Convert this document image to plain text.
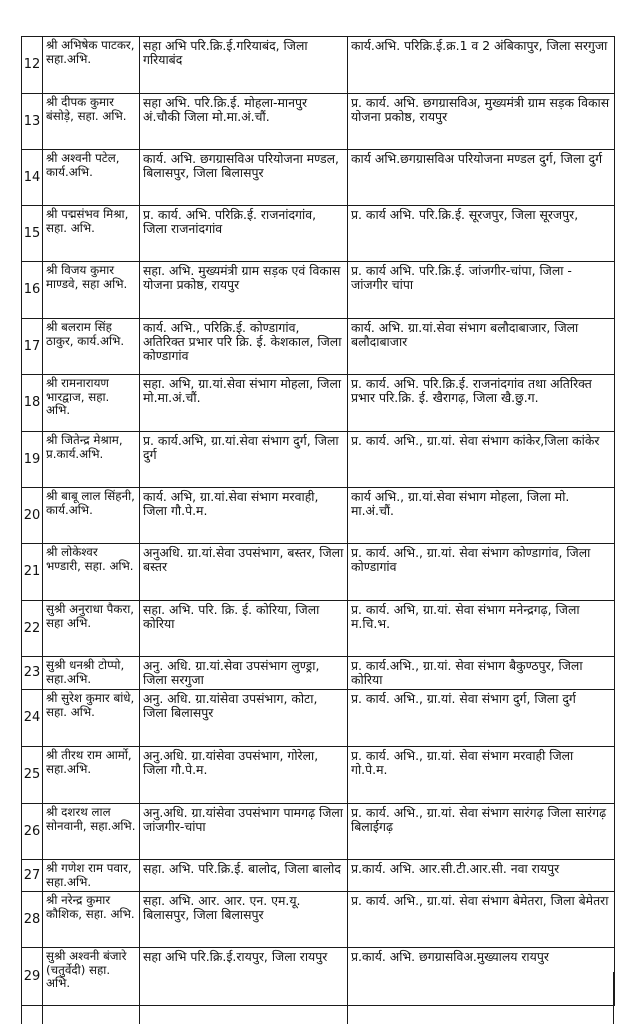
12	श्री अभिषेक पाटकर, सहा.अभि.	सहा अभि परि.क्रि.ई.गरियाबंद, जिला गरियाबंद	कार्य.अभि. परिक्रि.ई.क्र.1 व 2 अंबिकापुर, जिला सरगुजा
13	श्री दीपक कुमार बंसोड़े, सहा. अभि.	सहा अभि. परि.क्रि.ई. मोहला-मानपुर अं.चौकी जिला मो.मा.अं.चौं.	प्र. कार्य. अभि. छगग्रासविअ, मुख्यमंत्री ग्राम सड़क विकास योजना प्रकोष्ठ, रायपुर
14	श्री अश्वनी पटेल, कार्य.अभि.	कार्य. अभि. छगग्रासविअ परियोजना मण्डल, बिलासपुर, जिला बिलासपुर	कार्य अभि.छगग्रासविअ परियोजना मण्डल दुर्ग, जिला दुर्ग
15	श्री पद्मसंभव मिश्रा, सहा. अभि.	प्र. कार्य. अभि. परिक्रि.ई. राजनांदगांव, जिला राजनांदगांव	प्र. कार्य अभि. परि.क्रि.ई. सूरजपुर, जिला सूरजपुर,
16	श्री विजय कुमार माण्डवे, सहा अभि.	सहा. अभि. मुख्यमंत्री ग्राम सड़क एवं विकास योजना प्रकोष्ठ, रायपुर	प्र. कार्य अभि. परि.क्रि.ई. जांजगीर-चांपा, जिला - जांजगीर चांपा
17	श्री बलराम सिंह ठाकुर, कार्य.अभि.	कार्य. अभि., परिक्रि.ई. कोण्डागांव, अतिरिक्त प्रभार परि क्रि. ई. केशकाल, जिला कोण्डागांव	कार्य. अभि. ग्रा.यां.सेवा संभाग बलौदाबाजार, जिला बलौदाबाजार
18	श्री रामनारायण भारद्वाज, सहा. अभि.	सहा. अभि, ग्रा.यां.सेवा संभाग मोहला, जिला मो.मा.अं.चौं.	प्र. कार्य. अभि. परि.क्रि.ई. राजनांदगांव तथा अतिरिक्त प्रभार परि.क्रि. ई. खैरागढ़, जिला खै.छु.ग.
19	श्री जितेन्द्र मेश्राम, प्र.कार्य.अभि.	प्र. कार्य.अभि, ग्रा.यां.सेवा संभाग दुर्ग, जिला दुर्ग	प्र. कार्य. अभि., ग्रा.यां. सेवा संभाग कांकेर,जिला कांकेर
20	श्री बाबू लाल सिंहनी, कार्य.अभि.	कार्य. अभि, ग्रा.यां.सेवा संभाग मरवाही, जिला गौ.पे.म.	कार्य अभि., ग्रा.यां.सेवा संभाग मोहला, जिला मो. मा.अं.चौं.
21	श्री लोकेश्वर भण्डारी, सहा. अभि.	अनुअधि. ग्रा.यां.सेवा उपसंभाग, बस्तर, जिला बस्तर	प्र. कार्य. अभि., ग्रा.यां. सेवा संभाग कोण्डागांव, जिला कोण्डागांव
22	सुश्री अनुराधा पैकरा, सहा अभि.	सहा. अभि. परि. क्रि. ई. कोरिया, जिला कोरिया	प्र. कार्य. अभि, ग्रा.यां. सेवा संभाग मनेन्द्रगढ़, जिला म.चि.भ.
23	सुश्री धनश्री टोप्पो, सहा.अभि.	अनु. अधि. ग्रा.यां.सेवा उपसंभाग लुण्ड्रा, जिला सरगुजा	प्र. कार्य.अभि., ग्रा.यां. सेवा संभाग बैकुण्ठपुर, जिला कोरिया
24	श्री सुरेश कुमार बांधे, सहा. अभि.	अनु. अधि. ग्रा.यांसेवा उपसंभाग, कोटा, जिला बिलासपुर	प्र. कार्य. अभि., ग्रा.यां. सेवा संभाग दुर्ग, जिला दुर्ग
25	श्री तीरथ राम आर्मो, सहा.अभि.	अनु.अधि. ग्रा.यांसेवा उपसंभाग, गोरेला, जिला गौ.पे.म.	प्र. कार्य. अभि., ग्रा.यां. सेवा संभाग मरवाही जिला गो.पे.म.
26	श्री दशरथ लाल सोनवानी, सहा.अभि.	अनु.अधि. ग्रा.यांसेवा उपसंभाग पामगढ़ जिला जांजगीर-चांपा	प्र. कार्य. अभि., ग्रा.यां. सेवा संभाग सारंगढ़ जिला सारंगढ़ बिलाईगढ़
27	श्री गणेश राम पवार, सहा.अभि.	सहा. अभि. परि.क्रि.ई. बालोद, जिला बालोद	प्र.कार्य. अभि. आर.सी.टी.आर.सी. नवा रायपुर
28	श्री नरेन्द्र कुमार कौशिक, सहा. अभि.	सहा. अभि. आर. आर. एन. एम.यू. बिलासपुर, जिला बिलासपुर	प्र. कार्य. अभि., ग्रा.यां. सेवा संभाग बेमेतरा, जिला बेमेतरा
29	सुश्री अश्वनी बंजारे (चतुर्वेदी) सहा. अभि.	सहा अभि परि.क्रि.ई.रायपुर, जिला रायपुर	प्र.कार्य. अभि. छगग्रासविअ.मुख्यालय रायपुर
